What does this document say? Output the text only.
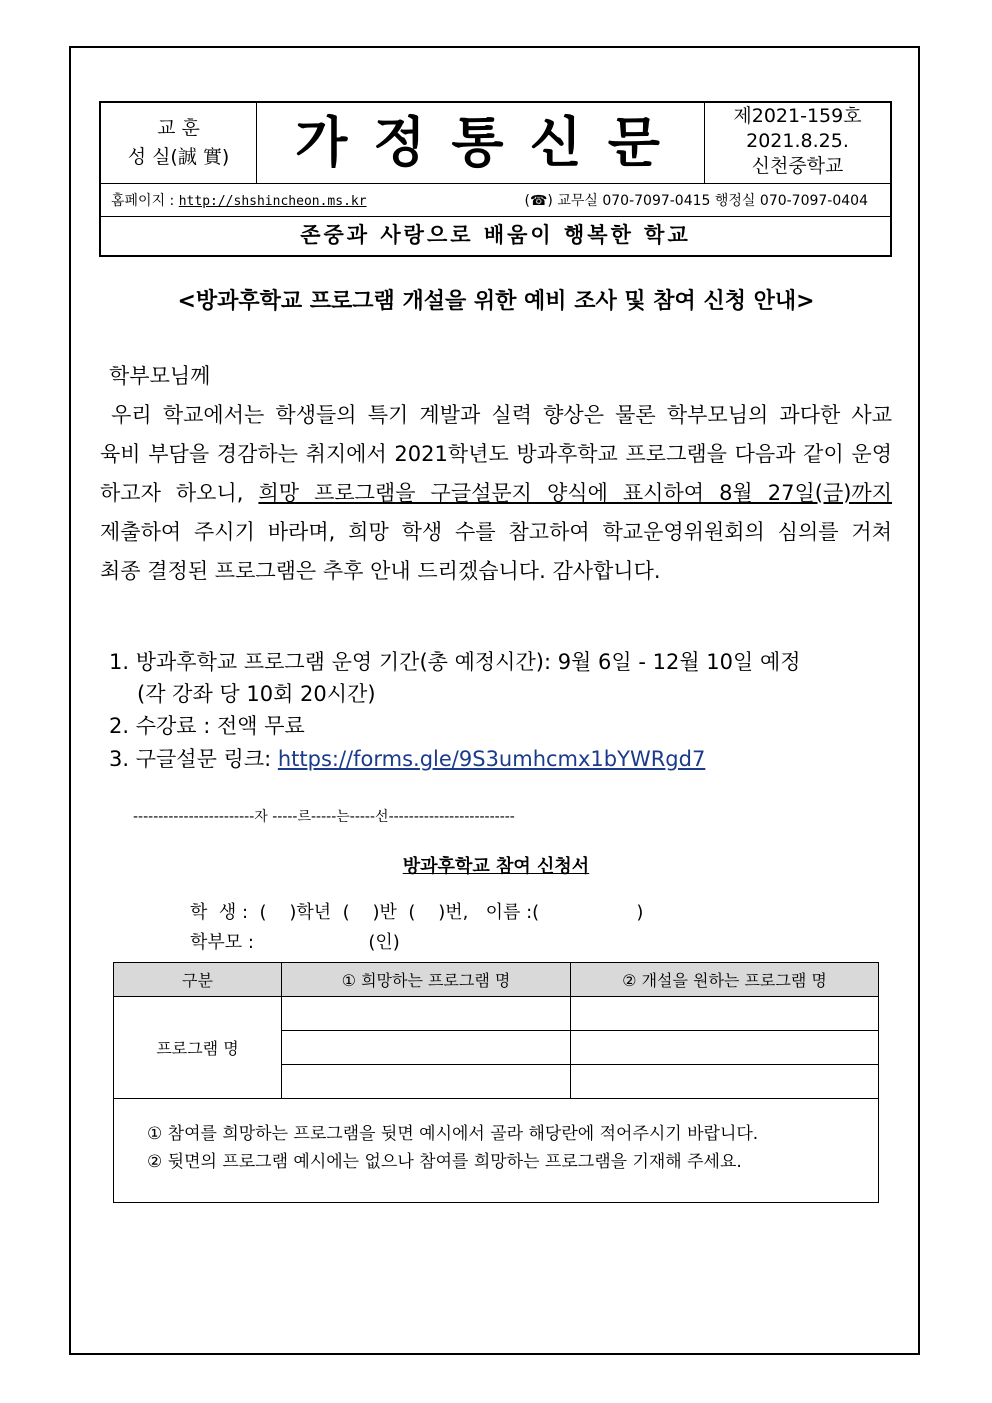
교 훈
성 실(誠 實)	가정통신문	제2021-159호
2021.8.25.
신천중학교
홈페이지 : http://shshincheon.ms.kr	(☎) 교무실 070-7097-0415 행정실 070-7097-0404
존중과 사랑으로 배움이 행복한 학교
<방과후학교 프로그램 개설을 위한 예비 조사 및 참여 신청 안내>
학부모님께
우리 학교에서는 학생들의 특기 계발과 실력 향상은 물론 학부모님의 과다한 사교
육비 부담을 경감하는 취지에서 2021학년도 방과후학교 프로그램을 다음과 같이 운영
하고자 하오니, 희망 프로그램을 구글설문지 양식에 표시하여 8월 27일(금)까지
제출하여 주시기 바라며, 희망 학생 수를 참고하여 학교운영위원회의 심의를 거쳐
최종 결정된 프로그램은 추후 안내 드리겠습니다. 감사합니다.
1. 방과후학교 프로그램 운영 기간(총 예정시간): 9월 6일 - 12월 10일 예정
(각 강좌 당 10회 20시간)
2. 수강료 : 전액 무료
3. 구글설문 링크: https://forms.gle/9S3umhcmx1bYWRgd7
------------------------자 -----르-----는-----선-------------------------
방과후학교 참여 신청서
학  생 :  (    )학년  (    )반  (    )번,   이름 :(                 )
학부모 :                    (인)
구분	① 희망하는 프로그램 명	② 개설을 원하는 프로그램 명
프로그램 명		

① 참여를 희망하는 프로그램을 뒷면 예시에서 골라 해당란에 적어주시기 바랍니다.
② 뒷면의 프로그램 예시에는 없으나 참여를 희망하는 프로그램을 기재해 주세요.
